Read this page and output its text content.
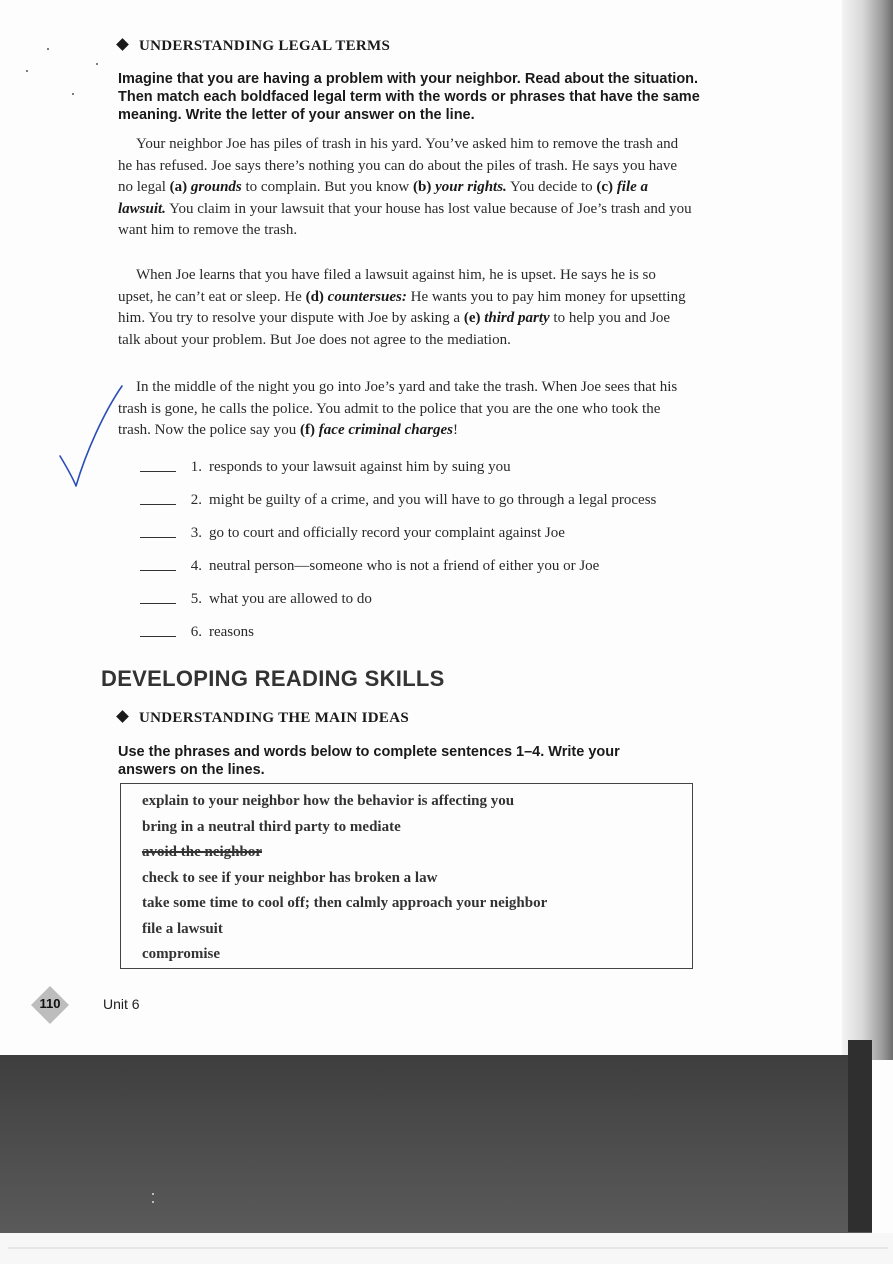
UNDERSTANDING LEGAL TERMS
Imagine that you are having a problem with your neighbor. Read about the situation. Then match each boldfaced legal term with the words or phrases that have the same meaning. Write the letter of your answer on the line.

Your neighbor Joe has piles of trash in his yard. You’ve asked him to remove the trash and he has refused. Joe says there’s nothing you can do about the piles of trash. He says you have no legal (a) grounds to complain. But you know (b) your rights. You decide to (c) file a lawsuit. You claim in your lawsuit that your house has lost value because of Joe’s trash and you want him to remove the trash.

When Joe learns that you have filed a lawsuit against him, he is upset. He says he is so upset, he can’t eat or sleep. He (d) countersues: He wants you to pay him money for upsetting him. You try to resolve your dispute with Joe by asking a (e) third party to help you and Joe talk about your problem. But Joe does not agree to the mediation.

In the middle of the night you go into Joe’s yard and take the trash. When Joe sees that his trash is gone, he calls the police. You admit to the police that you are the one who took the trash. Now the police say you (f) face criminal charges!

1. responds to your lawsuit against him by suing you
2. might be guilty of a crime, and you will have to go through a legal process
3. go to court and officially record your complaint against Joe
4. neutral person—someone who is not a friend of either you or Joe
5. what you are allowed to do
6. reasons
DEVELOPING READING SKILLS
UNDERSTANDING THE MAIN IDEAS
Use the phrases and words below to complete sentences 1–4. Write your answers on the lines.
explain to your neighbor how the behavior is affecting you
bring in a neutral third party to mediate
avoid the neighbor
check to see if your neighbor has broken a law
take some time to cool off; then calmly approach your neighbor
file a lawsuit
compromise
110	Unit 6
